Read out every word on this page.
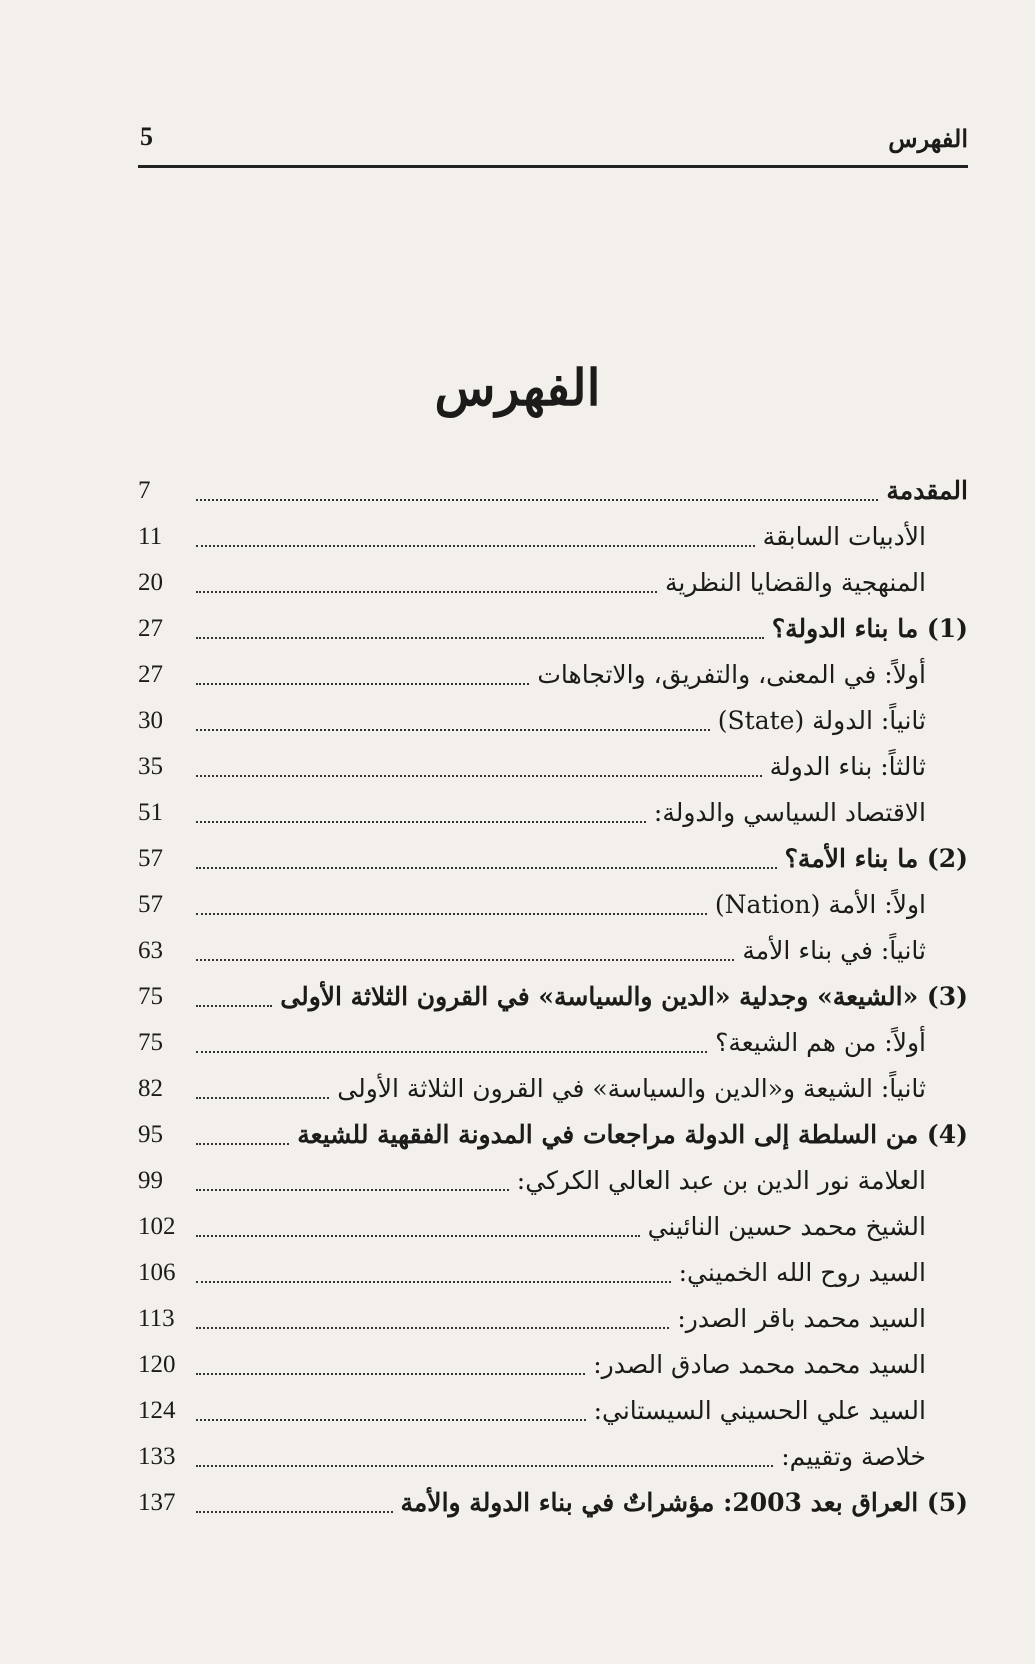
الفهرس
5
الفهرس
المقدمة
7
الأدبيات السابقة
11
المنهجية والقضايا النظرية
20
(1) ما بناء الدولة؟
27
أولاً: في المعنى، والتفريق، والاتجاهات
27
ثانياً: الدولة (State)
30
ثالثاً: بناء الدولة
35
الاقتصاد السياسي والدولة:
51
(2) ما بناء الأمة؟
57
اولاً: الأمة (Nation)
57
ثانياً: في بناء الأمة
63
(3) «الشيعة» وجدلية «الدين والسياسة» في القرون الثلاثة الأولى
75
أولاً: من هم الشيعة؟
75
ثانياً: الشيعة و«الدين والسياسة» في القرون الثلاثة الأولى
82
(4) من السلطة إلى الدولة مراجعات في المدونة الفقهية للشيعة
95
العلامة نور الدين بن عبد العالي الكركي:
99
الشيخ محمد حسين النائيني
102
السيد روح الله الخميني:
106
السيد محمد باقر الصدر:
113
السيد محمد محمد صادق الصدر:
120
السيد علي الحسيني السيستاني:
124
خلاصة وتقييم:
133
(5) العراق بعد 2003: مؤشراتٌ في بناء الدولة والأمة
137
